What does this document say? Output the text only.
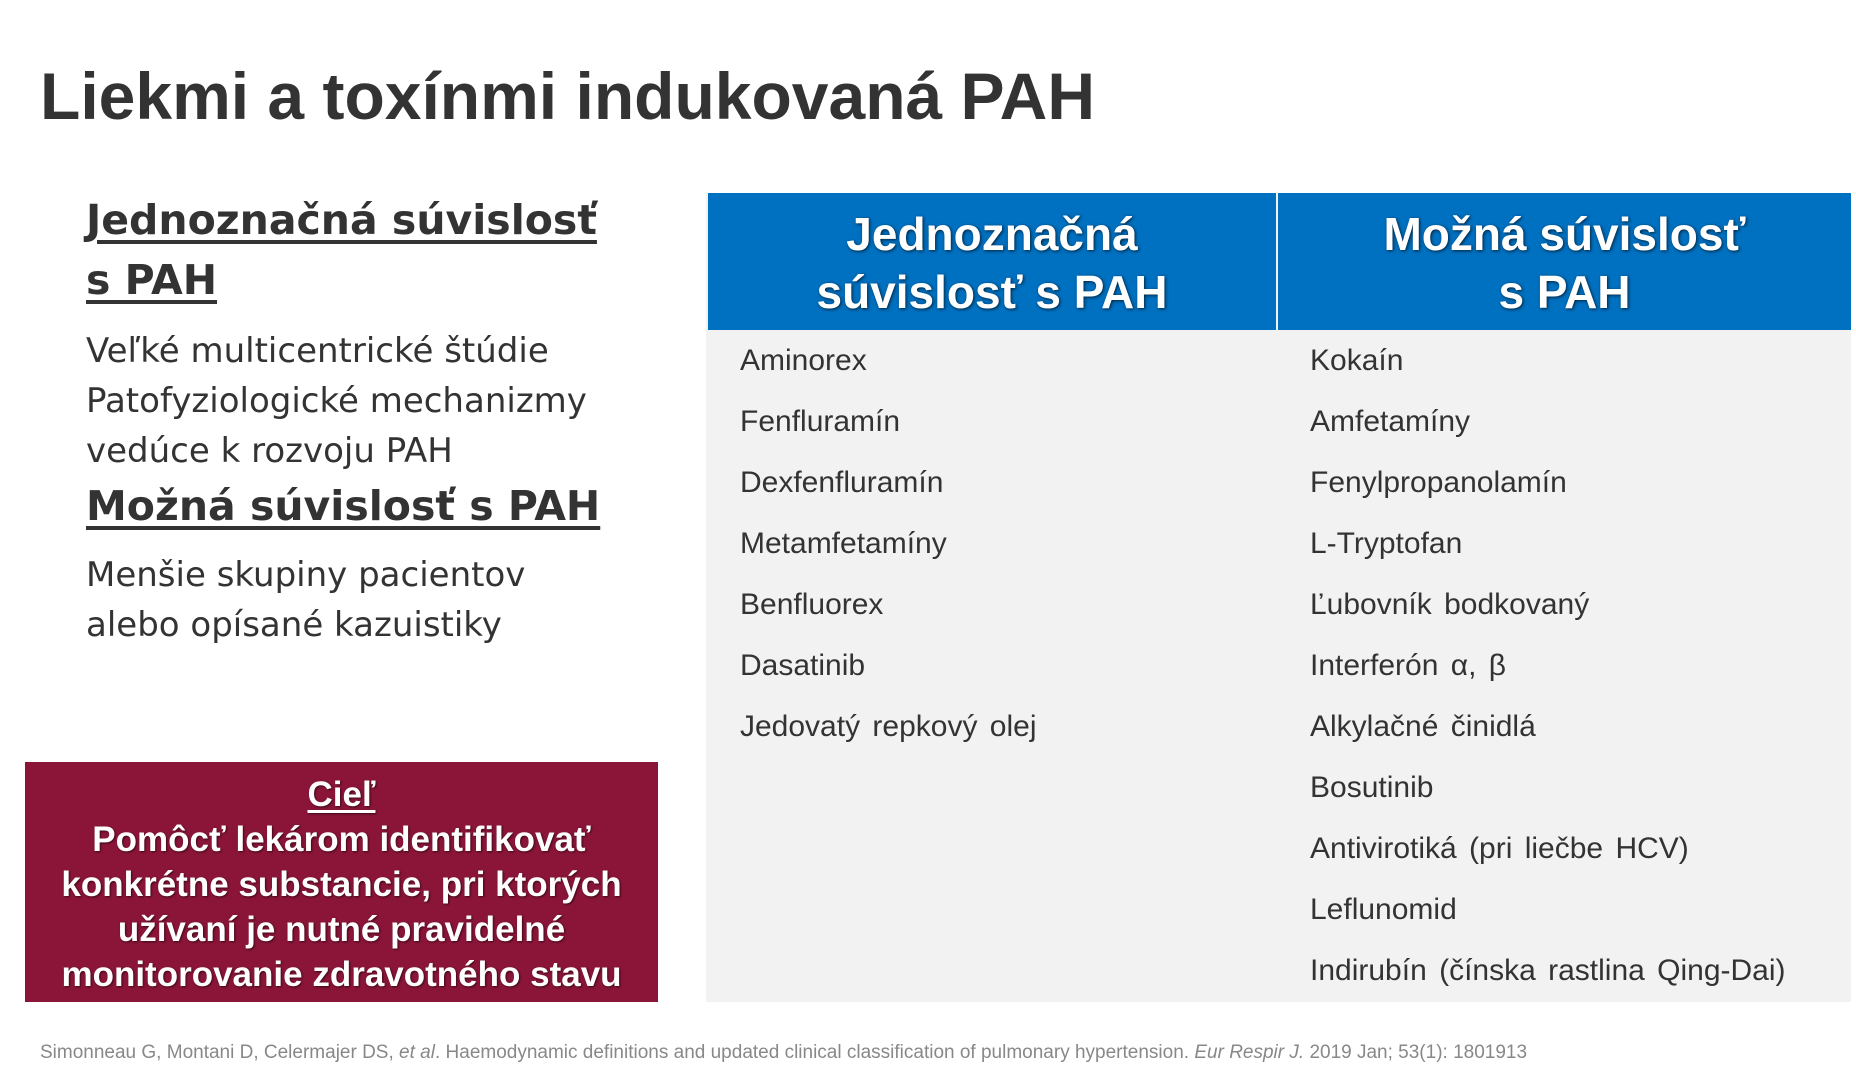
Liekmi a toxínmi indukovaná PAH

Jednoznačná súvislosť
s PAH

Veľké multicentrické štúdie

Patofyziologické mechanizmy

vedúce k rozvoju PAH

Možná súvislosť s PAH

Menšie skupiny pacientov

alebo opísané kazuistiky

Cieľ
Pomôcť lekárom identifikovať
konkrétne substancie, pri ktorých
užívaní je nutné pravidelné
monitorovanie zdravotného stavu
Jednoznačná
súvislosť s PAH
Možná súvislosť
s PAH
Aminorex
Fenfluramín
Dexfenfluramín
Metamfetamíny
Benfluorex
Dasatinib
Jedovatý repkový olej
Kokaín
Amfetamíny
Fenylpropanolamín
L-Tryptofan
Ľubovník bodkovaný
Interferón α, β
Alkylačné činidlá
Bosutinib
Antivirotiká (pri liečbe HCV)
Leflunomid
Indirubín (čínska rastlina Qing-Dai)
Simonneau G, Montani D, Celermajer DS, et al. Haemodynamic definitions and updated clinical classification of pulmonary hypertension. Eur Respir J. 2019 Jan; 53(1): 1801913
